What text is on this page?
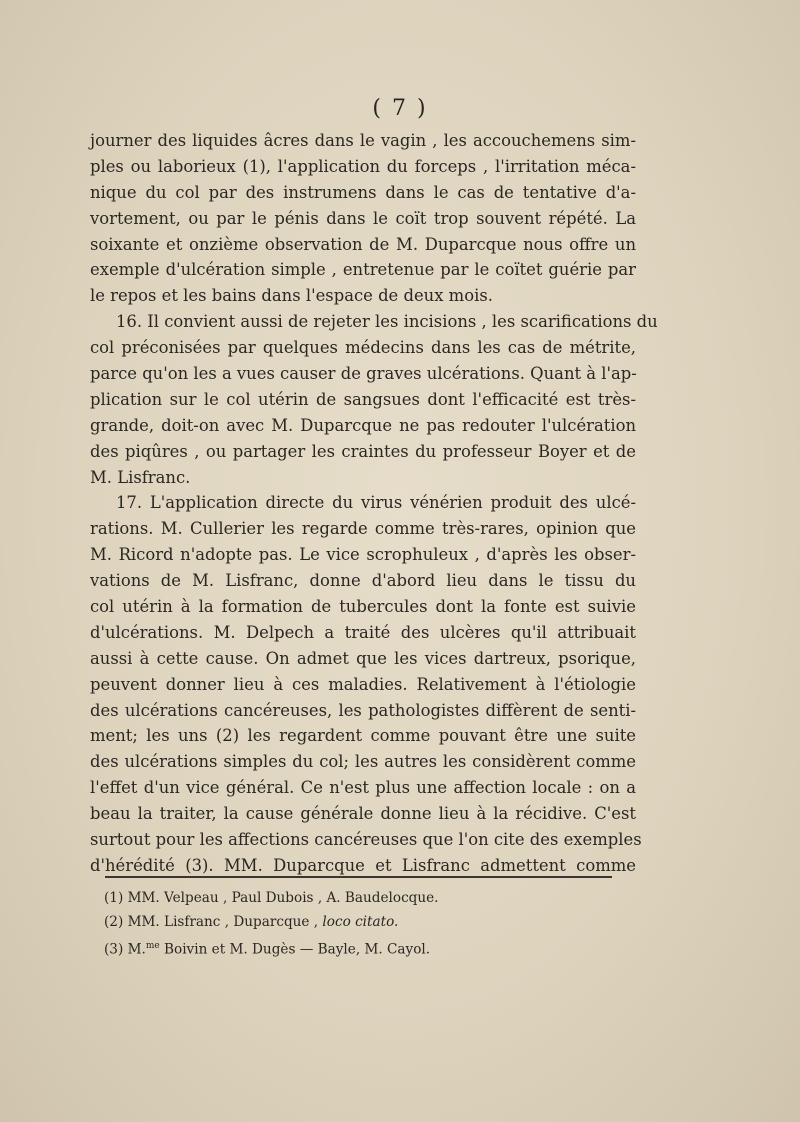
( 7 )
journer des liquides âcres dans le vagin , les accouchemens sim-
ples ou laborieux (1), l'application du forceps , l'irritation méca-
nique du col par des instrumens dans le cas de tentative d'a-
vortement, ou par le pénis dans le coït trop souvent répété. La
soixante et onzième observation de M. Duparcque nous offre un
exemple d'ulcération simple , entretenue par le coïtet guérie par
le repos et les bains dans l'espace de deux mois.
16. Il convient aussi de rejeter les incisions , les scarifications du
col préconisées par quelques médecins dans les cas de métrite,
parce qu'on les a vues causer de graves ulcérations. Quant à l'ap-
plication sur le col utérin de sangsues dont l'efficacité est très-
grande, doit-on avec M. Duparcque ne pas redouter l'ulcération
des piqûres , ou partager les craintes du professeur Boyer et de
M. Lisfranc.
17. L'application directe du virus vénérien produit des ulcé-
rations. M. Cullerier les regarde comme très-rares, opinion que
M. Ricord n'adopte pas. Le vice scrophuleux , d'après les obser-
vations de M. Lisfranc, donne d'abord lieu dans le tissu du
col utérin à la formation de tubercules dont la fonte est suivie
d'ulcérations. M. Delpech a traité des ulcères qu'il attribuait
aussi à cette cause. On admet que les vices dartreux, psorique,
peuvent donner lieu à ces maladies. Relativement à l'étiologie
des ulcérations cancéreuses, les pathologistes diffèrent de senti-
ment; les uns (2) les regardent comme pouvant être une suite
des ulcérations simples du col; les autres les considèrent comme
l'effet d'un vice général. Ce n'est plus une affection locale : on a
beau la traiter, la cause générale donne lieu à la récidive. C'est
surtout pour les affections cancéreuses que l'on cite des exemples
d'hérédité (3). MM. Duparcque et Lisfranc admettent comme
(1) MM. Velpeau , Paul Dubois , A. Baudelocque.
(2) MM. Lisfranc , Duparcque , loco citato.
(3) M.$^{me}$ Boivin et M. Dugès — Bayle, M. Cayol.
